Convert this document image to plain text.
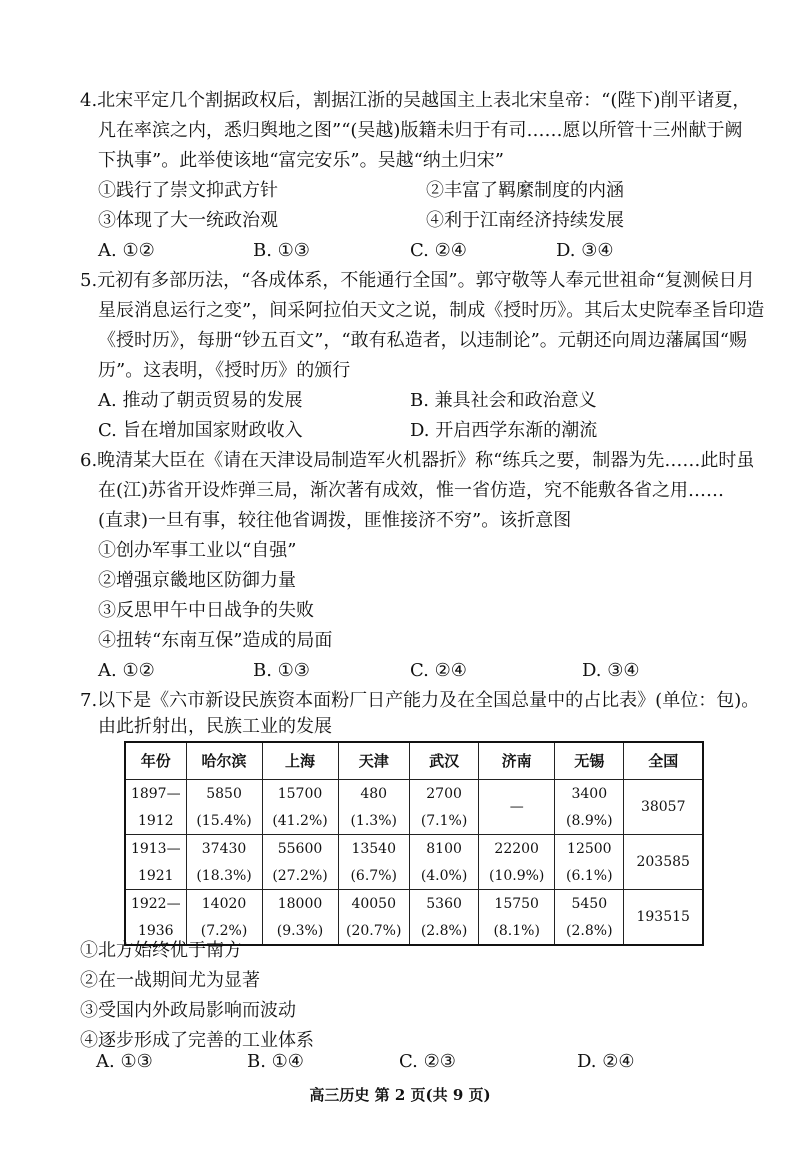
4.北宋平定几个割据政权后，割据江浙的吴越国主上表北宋皇帝：“(陛下)削平诸夏，
凡在率滨之内，悉归舆地之图”“(吴越)版籍未归于有司……愿以所管十三州献于阙
下执事”。此举使该地“富完安乐”。吴越“纳土归宋”
①践行了崇文抑武方针	②丰富了羁縻制度的内涵
③体现了大一统政治观	④利于江南经济持续发展
A. ①②	B. ①③	C. ②④	D. ③④
5.元初有多部历法，“各成体系，不能通行全国”。郭守敬等人奉元世祖命“复测候日月
星辰消息运行之变”，间采阿拉伯天文之说，制成《授时历》。其后太史院奉圣旨印造
《授时历》，每册“钞五百文”，“敢有私造者，以违制论”。元朝还向周边藩属国“赐
历”。这表明，《授时历》的颁行
A. 推动了朝贡贸易的发展	B. 兼具社会和政治意义
C. 旨在增加国家财政收入	D. 开启西学东渐的潮流
6.晚清某大臣在《请在天津设局制造军火机器折》称“练兵之要，制器为先……此时虽
在(江)苏省开设炸弹三局，渐次著有成效，惟一省仿造，究不能敷各省之用……
(直隶)一旦有事，较往他省调拨，匪惟接济不穷”。该折意图
①创办军事工业以“自强”
②增强京畿地区防御力量
③反思甲午中日战争的失败
④扭转“东南互保”造成的局面
A. ①②	B. ①③	C. ②④	D. ③④
7.以下是《六市新设民族资本面粉厂日产能力及在全国总量中的占比表》(单位：包)。
由此折射出，民族工业的发展
年份	哈尔滨	上海	天津	武汉	济南	无锡	全国
1897—	5850	15700	480	2700	—	3400	38057
1912	(15.4%)	(41.2%)	(1.3%)	(7.1%)		(8.9%)	
1913—	37430	55600	13540	8100	22200	12500	203585
1921	(18.3%)	(27.2%)	(6.7%)	(4.0%)	(10.9%)	(6.1%)	
1922—	14020	18000	40050	5360	15750	5450	193515
1936	(7.2%)	(9.3%)	(20.7%)	(2.8%)	(8.1%)	(2.8%)	
①北方始终优于南方
②在一战期间尤为显著
③受国内外政局影响而波动
④逐步形成了完善的工业体系
A. ①③	B. ①④	C. ②③	D. ②④
高三历史 第 2 页(共 9 页)
